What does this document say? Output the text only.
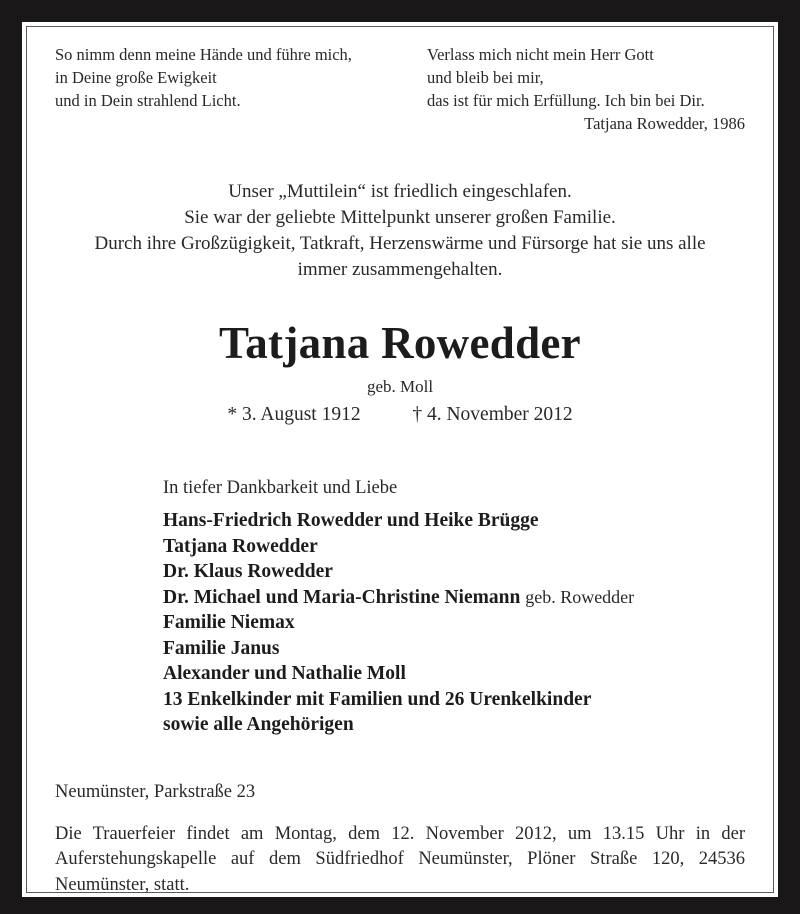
So nimm denn meine Hände und führe mich,
in Deine große Ewigkeit
und in Dein strahlend Licht.
Verlass mich nicht mein Herr Gott
und bleib bei mir,
das ist für mich Erfüllung. Ich bin bei Dir.
Tatjana Rowedder, 1986
Unser „Muttilein“ ist friedlich eingeschlafen.
Sie war der geliebte Mittelpunkt unserer großen Familie.
Durch ihre Großzügigkeit, Tatkraft, Herzenswärme und Fürsorge hat sie uns alle
immer zusammengehalten.
Tatjana Rowedder
geb. Moll
* 3. August 1912	† 4. November 2012
In tiefer Dankbarkeit und Liebe
Hans-Friedrich Rowedder und Heike Brügge
Tatjana Rowedder
Dr. Klaus Rowedder
Dr. Michael und Maria-Christine Niemann geb. Rowedder
Familie Niemax
Familie Janus
Alexander und Nathalie Moll
13 Enkelkinder mit Familien und 26 Urenkelkinder
sowie alle Angehörigen
Neumünster, Parkstraße 23
Die Trauerfeier findet am Montag, dem 12. November 2012, um 13.15 Uhr in der Auferstehungskapelle auf dem Südfriedhof Neumünster, Plöner Straße 120, 24536 Neumünster, statt.
